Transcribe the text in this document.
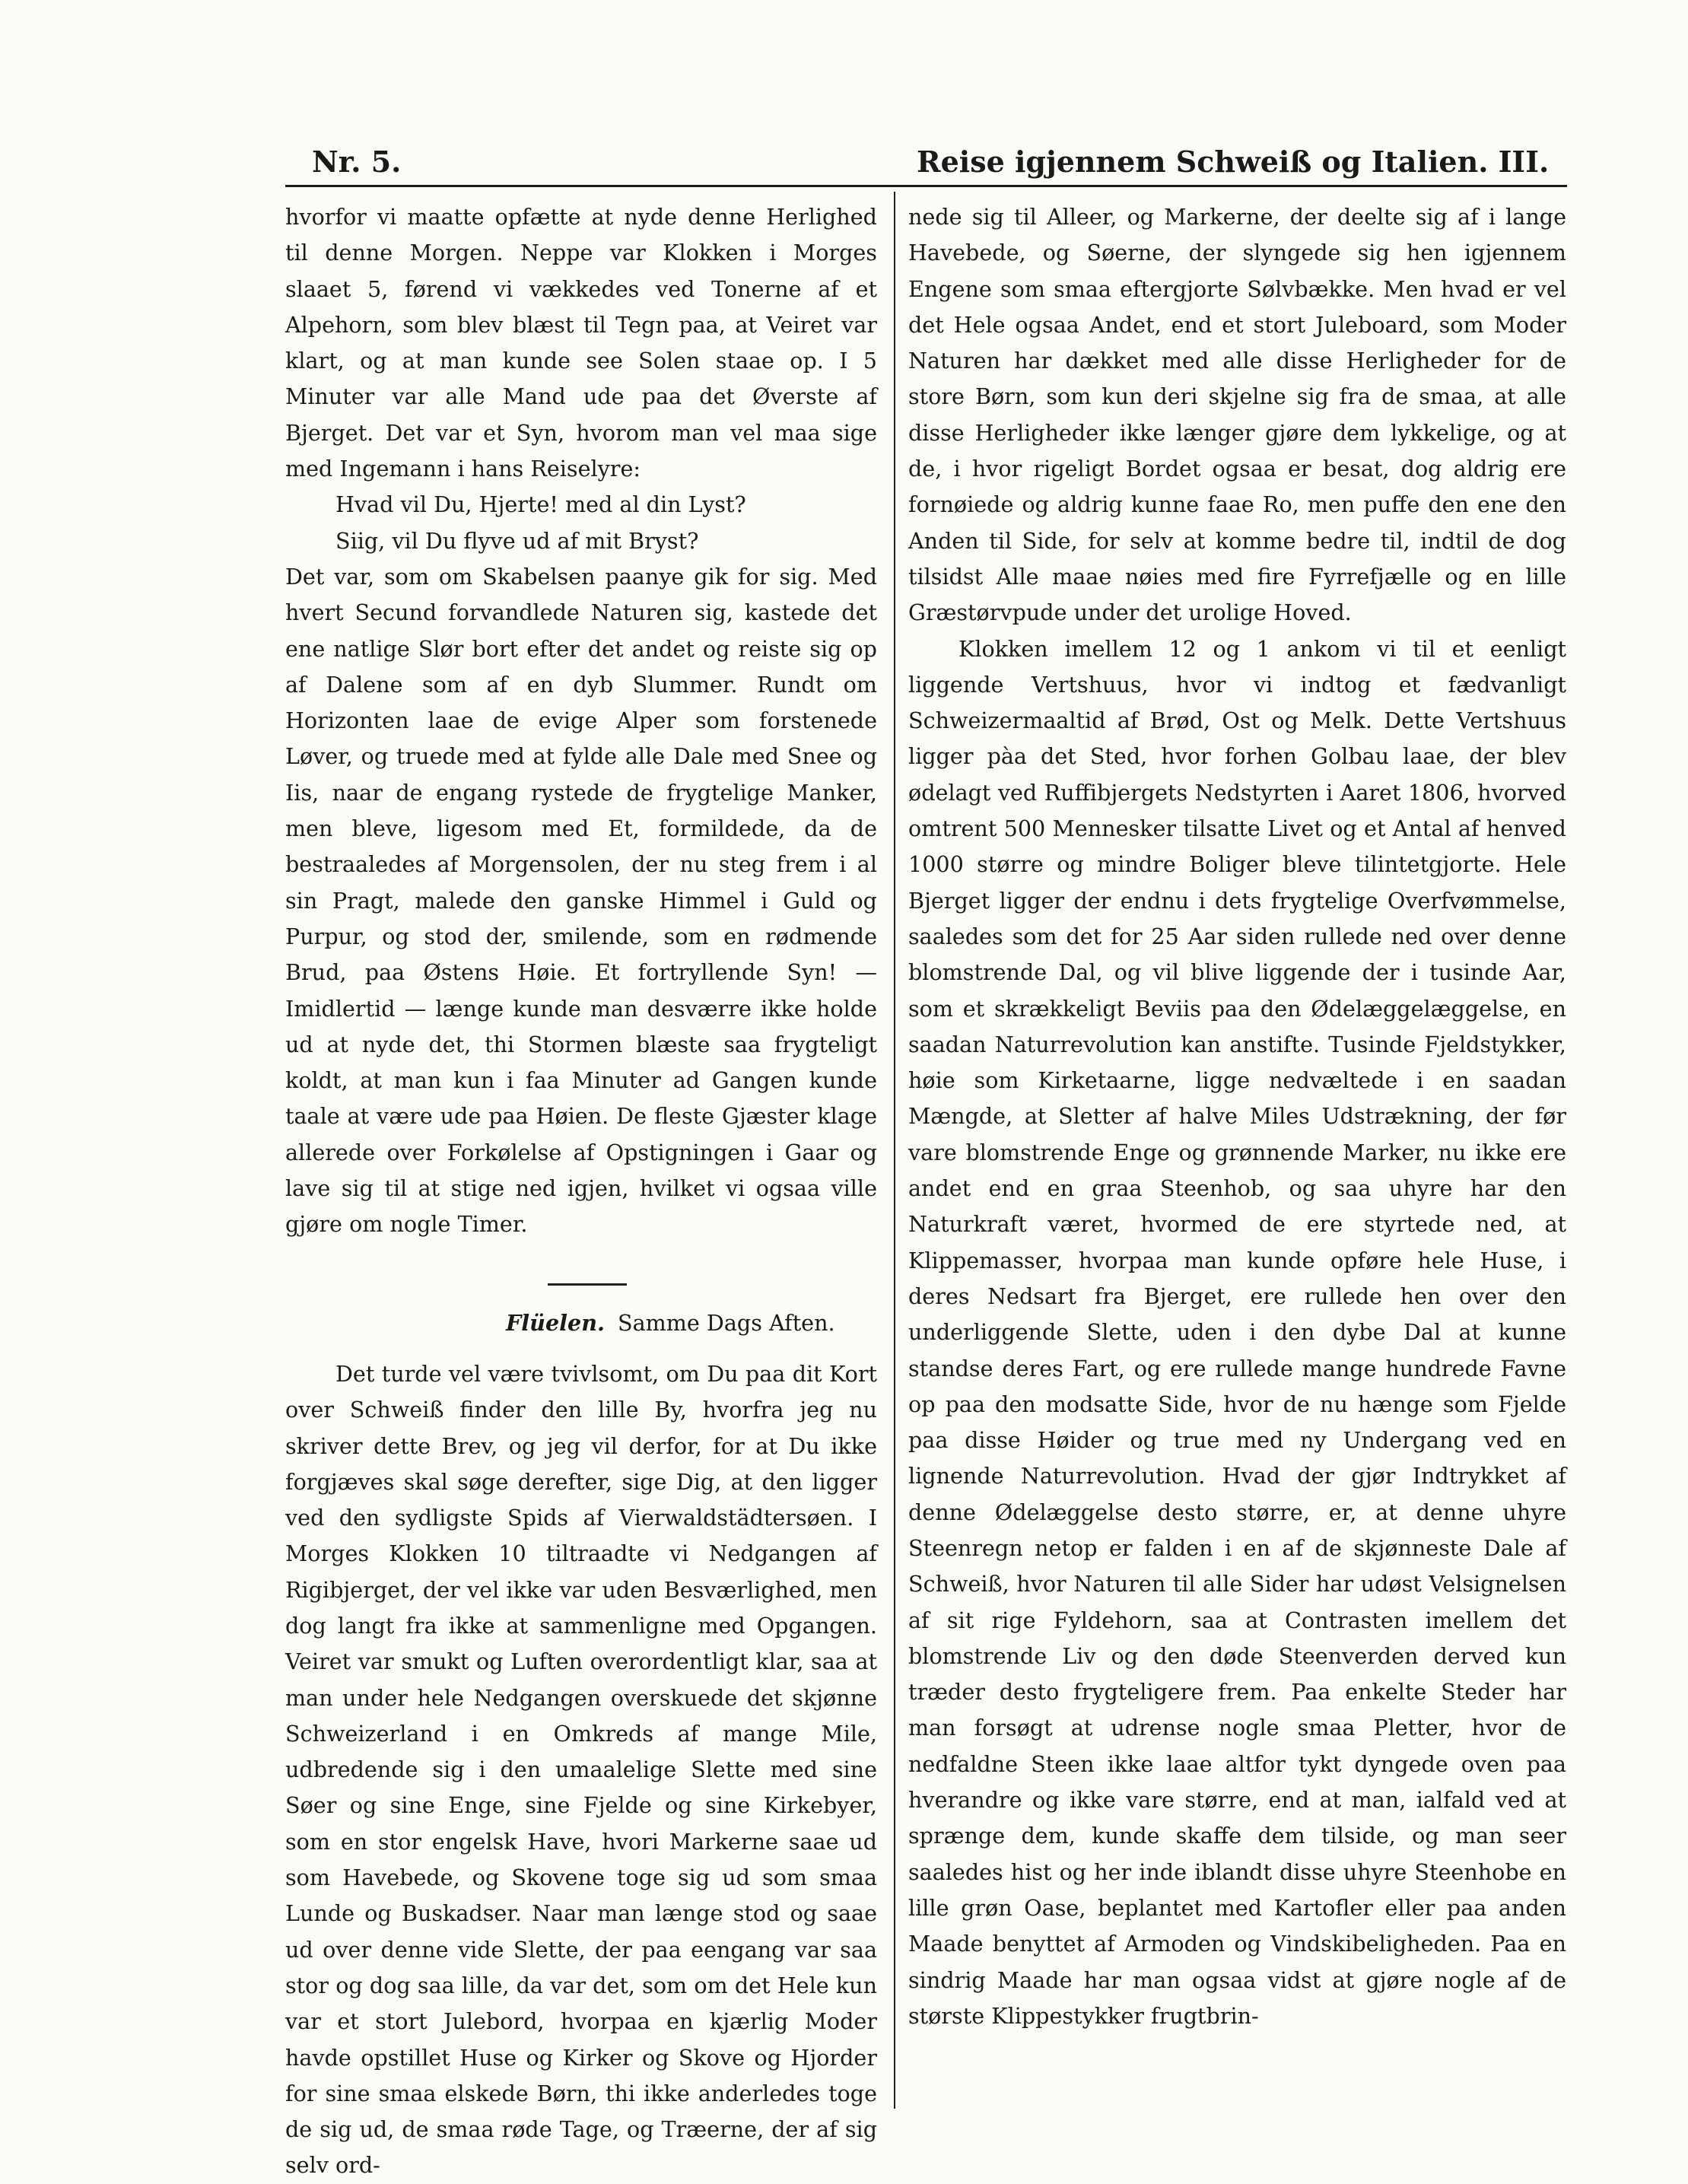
Nr. 5.	Reise igjennem Schweiß og Italien. III.

hvorfor vi maatte opfætte at nyde denne Herlighed til denne Morgen. Neppe var Klokken i Morges slaaet 5, førend vi vækkedes ved Tonerne af et Alpehorn, som blev blæst til Tegn paa, at Veiret var klart, og at man kunde see Solen staae op. I 5 Minuter var alle Mand ude paa det Øverste af Bjerget. Det var et Syn, hvorom man vel maa sige med Ingemann i hans Reiselyre:

Hvad vil Du, Hjerte! med al din Lyst?
Siig, vil Du flyve ud af mit Bryst?

Det var, som om Skabelsen paanye gik for sig. Med hvert Secund forvandlede Naturen sig, kastede det ene natlige Slør bort efter det andet og reiste sig op af Dalene som af en dyb Slummer. Rundt om Horizonten laae de evige Alper som forstenede Løver, og truede med at fylde alle Dale med Snee og Iis, naar de engang rystede de frygtelige Manker, men bleve, ligesom med Et, formildede, da de bestraaledes af Morgensolen, der nu steg frem i al sin Pragt, malede den ganske Himmel i Guld og Purpur, og stod der, smilende, som en rødmende Brud, paa Østens Høie. Et fortryllende Syn! — Imidlertid — længe kunde man desværre ikke holde ud at nyde det, thi Stormen blæste saa frygteligt koldt, at man kun i faa Minuter ad Gangen kunde taale at være ude paa Høien. De fleste Gjæster klage allerede over Forkølelse af Opstigningen i Gaar og lave sig til at stige ned igjen, hvilket vi ogsaa ville gjøre om nogle Timer.

Flüelen. Samme Dags Aften.

Det turde vel være tvivlsomt, om Du paa dit Kort over Schweiß finder den lille By, hvorfra jeg nu skriver dette Brev, og jeg vil derfor, for at Du ikke forgjæves skal søge derefter, sige Dig, at den ligger ved den sydligste Spids af Vierwaldstädtersøen. I Morges Klokken 10 tiltraadte vi Nedgangen af Rigibjerget, der vel ikke var uden Besværlighed, men dog langt fra ikke at sammenligne med Opgangen. Veiret var smukt og Luften overordentligt klar, saa at man under hele Nedgangen overskuede det skjønne Schweizerland i en Omkreds af mange Mile, udbredende sig i den umaalelige Slette med sine Søer og sine Enge, sine Fjelde og sine Kirkebyer, som en stor engelsk Have, hvori Markerne saae ud som Havebede, og Skovene toge sig ud som smaa Lunde og Buskadser. Naar man længe stod og saae ud over denne vide Slette, der paa eengang var saa stor og dog saa lille, da var det, som om det Hele kun var et stort Julebord, hvorpaa en kjærlig Moder havde opstillet Huse og Kirker og Skove og Hjorder for sine smaa elskede Børn, thi ikke anderledes toge de sig ud, de smaa røde Tage, og Træerne, der af sig selv ord-

nede sig til Alleer, og Markerne, der deelte sig af i lange Havebede, og Søerne, der slyngede sig hen igjennem Engene som smaa eftergjorte Sølvbække. Men hvad er vel det Hele ogsaa Andet, end et stort Juleboard, som Moder Naturen har dækket med alle disse Herligheder for de store Børn, som kun deri skjelne sig fra de smaa, at alle disse Herligheder ikke længer gjøre dem lykkelige, og at de, i hvor rigeligt Bordet ogsaa er besat, dog aldrig ere fornøiede og aldrig kunne faae Ro, men puffe den ene den Anden til Side, for selv at komme bedre til, indtil de dog tilsidst Alle maae nøies med fire Fyrrefjælle og en lille Græstørvpude under det urolige Hoved.

Klokken imellem 12 og 1 ankom vi til et eenligt liggende Vertshuus, hvor vi indtog et fædvanligt Schweizermaaltid af Brød, Ost og Melk. Dette Vertshuus ligger pàa det Sted, hvor forhen Golbau laae, der blev ødelagt ved Ruffibjergets Nedstyrten i Aaret 1806, hvorved omtrent 500 Mennesker tilsatte Livet og et Antal af henved 1000 større og mindre Boliger bleve tilintetgjorte. Hele Bjerget ligger der endnu i dets frygtelige Overfvømmelse, saaledes som det for 25 Aar siden rullede ned over denne blomstrende Dal, og vil blive liggende der i tusinde Aar, som et skrækkeligt Beviis paa den Ødelæggelæggelse, en saadan Naturrevolution kan anstifte. Tusinde Fjeldstykker, høie som Kirketaarne, ligge nedvæltede i en saadan Mængde, at Sletter af halve Miles Udstrækning, der før vare blomstrende Enge og grønnende Marker, nu ikke ere andet end en graa Steenhob, og saa uhyre har den Naturkraft været, hvormed de ere styrtede ned, at Klippemasser, hvorpaa man kunde opføre hele Huse, i deres Nedsart fra Bjerget, ere rullede hen over den underliggende Slette, uden i den dybe Dal at kunne standse deres Fart, og ere rullede mange hundrede Favne op paa den modsatte Side, hvor de nu hænge som Fjelde paa disse Høider og true med ny Undergang ved en lignende Naturrevolution. Hvad der gjør Indtrykket af denne Ødelæggelse desto større, er, at denne uhyre Steenregn netop er falden i en af de skjønneste Dale af Schweiß, hvor Naturen til alle Sider har udøst Velsignelsen af sit rige Fyldehorn, saa at Contrasten imellem det blomstrende Liv og den døde Steenverden derved kun træder desto frygteligere frem. Paa enkelte Steder har man forsøgt at udrense nogle smaa Pletter, hvor de nedfaldne Steen ikke laae altfor tykt dyngede oven paa hverandre og ikke vare større, end at man, ialfald ved at sprænge dem, kunde skaffe dem tilside, og man seer saaledes hist og her inde iblandt disse uhyre Steenhobe en lille grøn Oase, beplantet med Kartofler eller paa anden Maade benyttet af Armoden og Vindskibeligheden. Paa en sindrig Maade har man ogsaa vidst at gjøre nogle af de største Klippestykker frugtbrin-
